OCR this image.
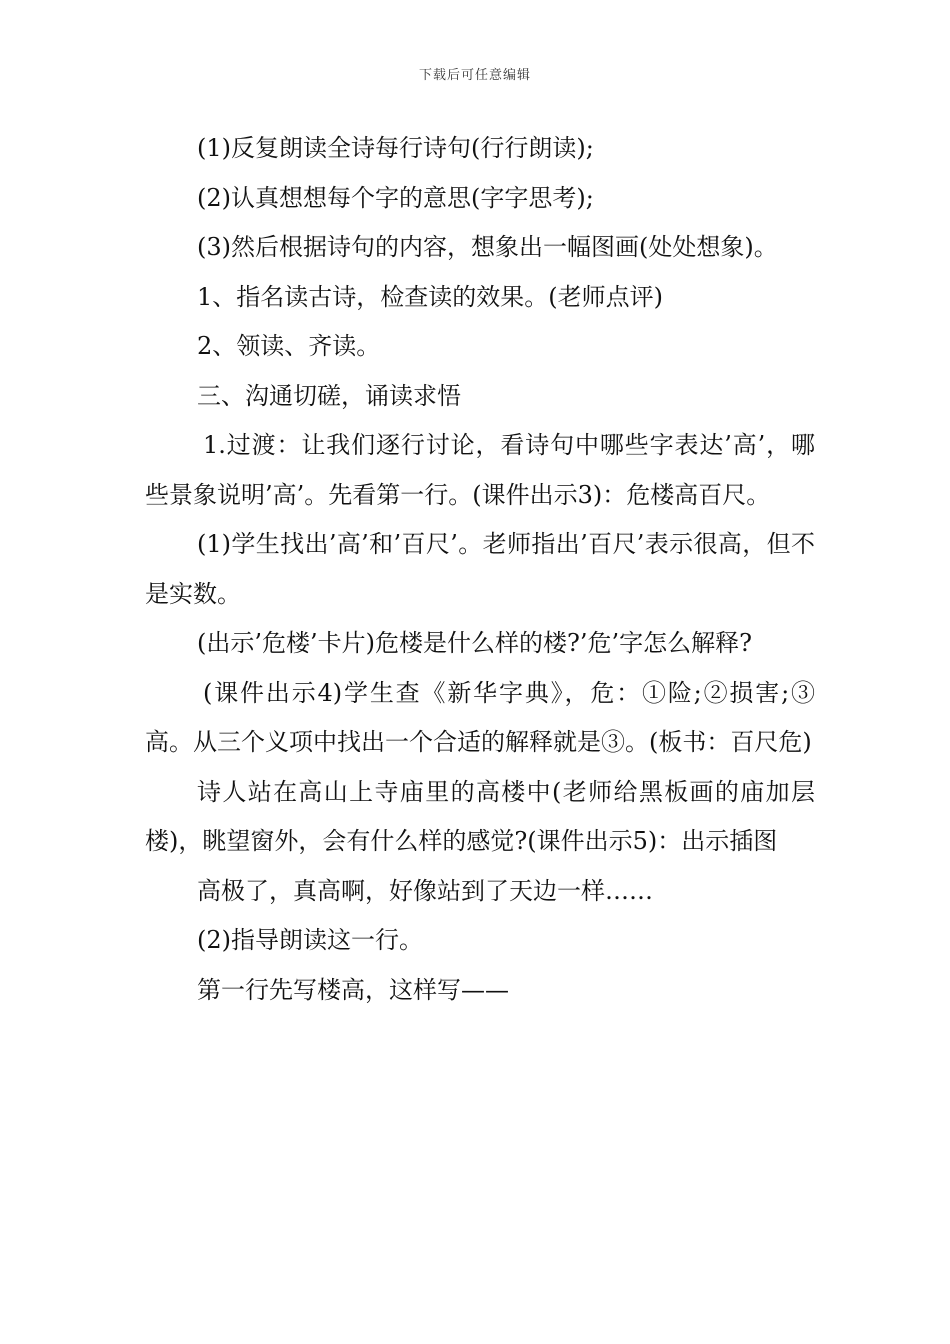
下载后可任意编辑

(1)反复朗读全诗每行诗句(行行朗读);

(2)认真想想每个字的意思(字字思考);

(3)然后根据诗句的内容，想象出一幅图画(处处想象)。

1、指名读古诗，检查读的效果。(老师点评)

2、领读、齐读。

三、沟通切磋，诵读求悟

1.过渡：让我们逐行讨论，看诗句中哪些字表达’高’，哪些景象说明’高’。先看第一行。(课件出示3)：危楼高百尺。

(1)学生找出’高’和’百尺’。老师指出’百尺’表示很高，但不是实数。

(出示’危楼’卡片)危楼是什么样的楼?’危’字怎么解释?

(课件出示4)学生查《新华字典》，危：①险;②损害;③高。从三个义项中找出一个合适的解释就是③。(板书：百尺危)

诗人站在高山上寺庙里的高楼中(老师给黑板画的庙加层楼)，眺望窗外，会有什么样的感觉?(课件出示5)：出示插图

高极了，真高啊，好像站到了天边一样……

(2)指导朗读这一行。

第一行先写楼高，这样写——
